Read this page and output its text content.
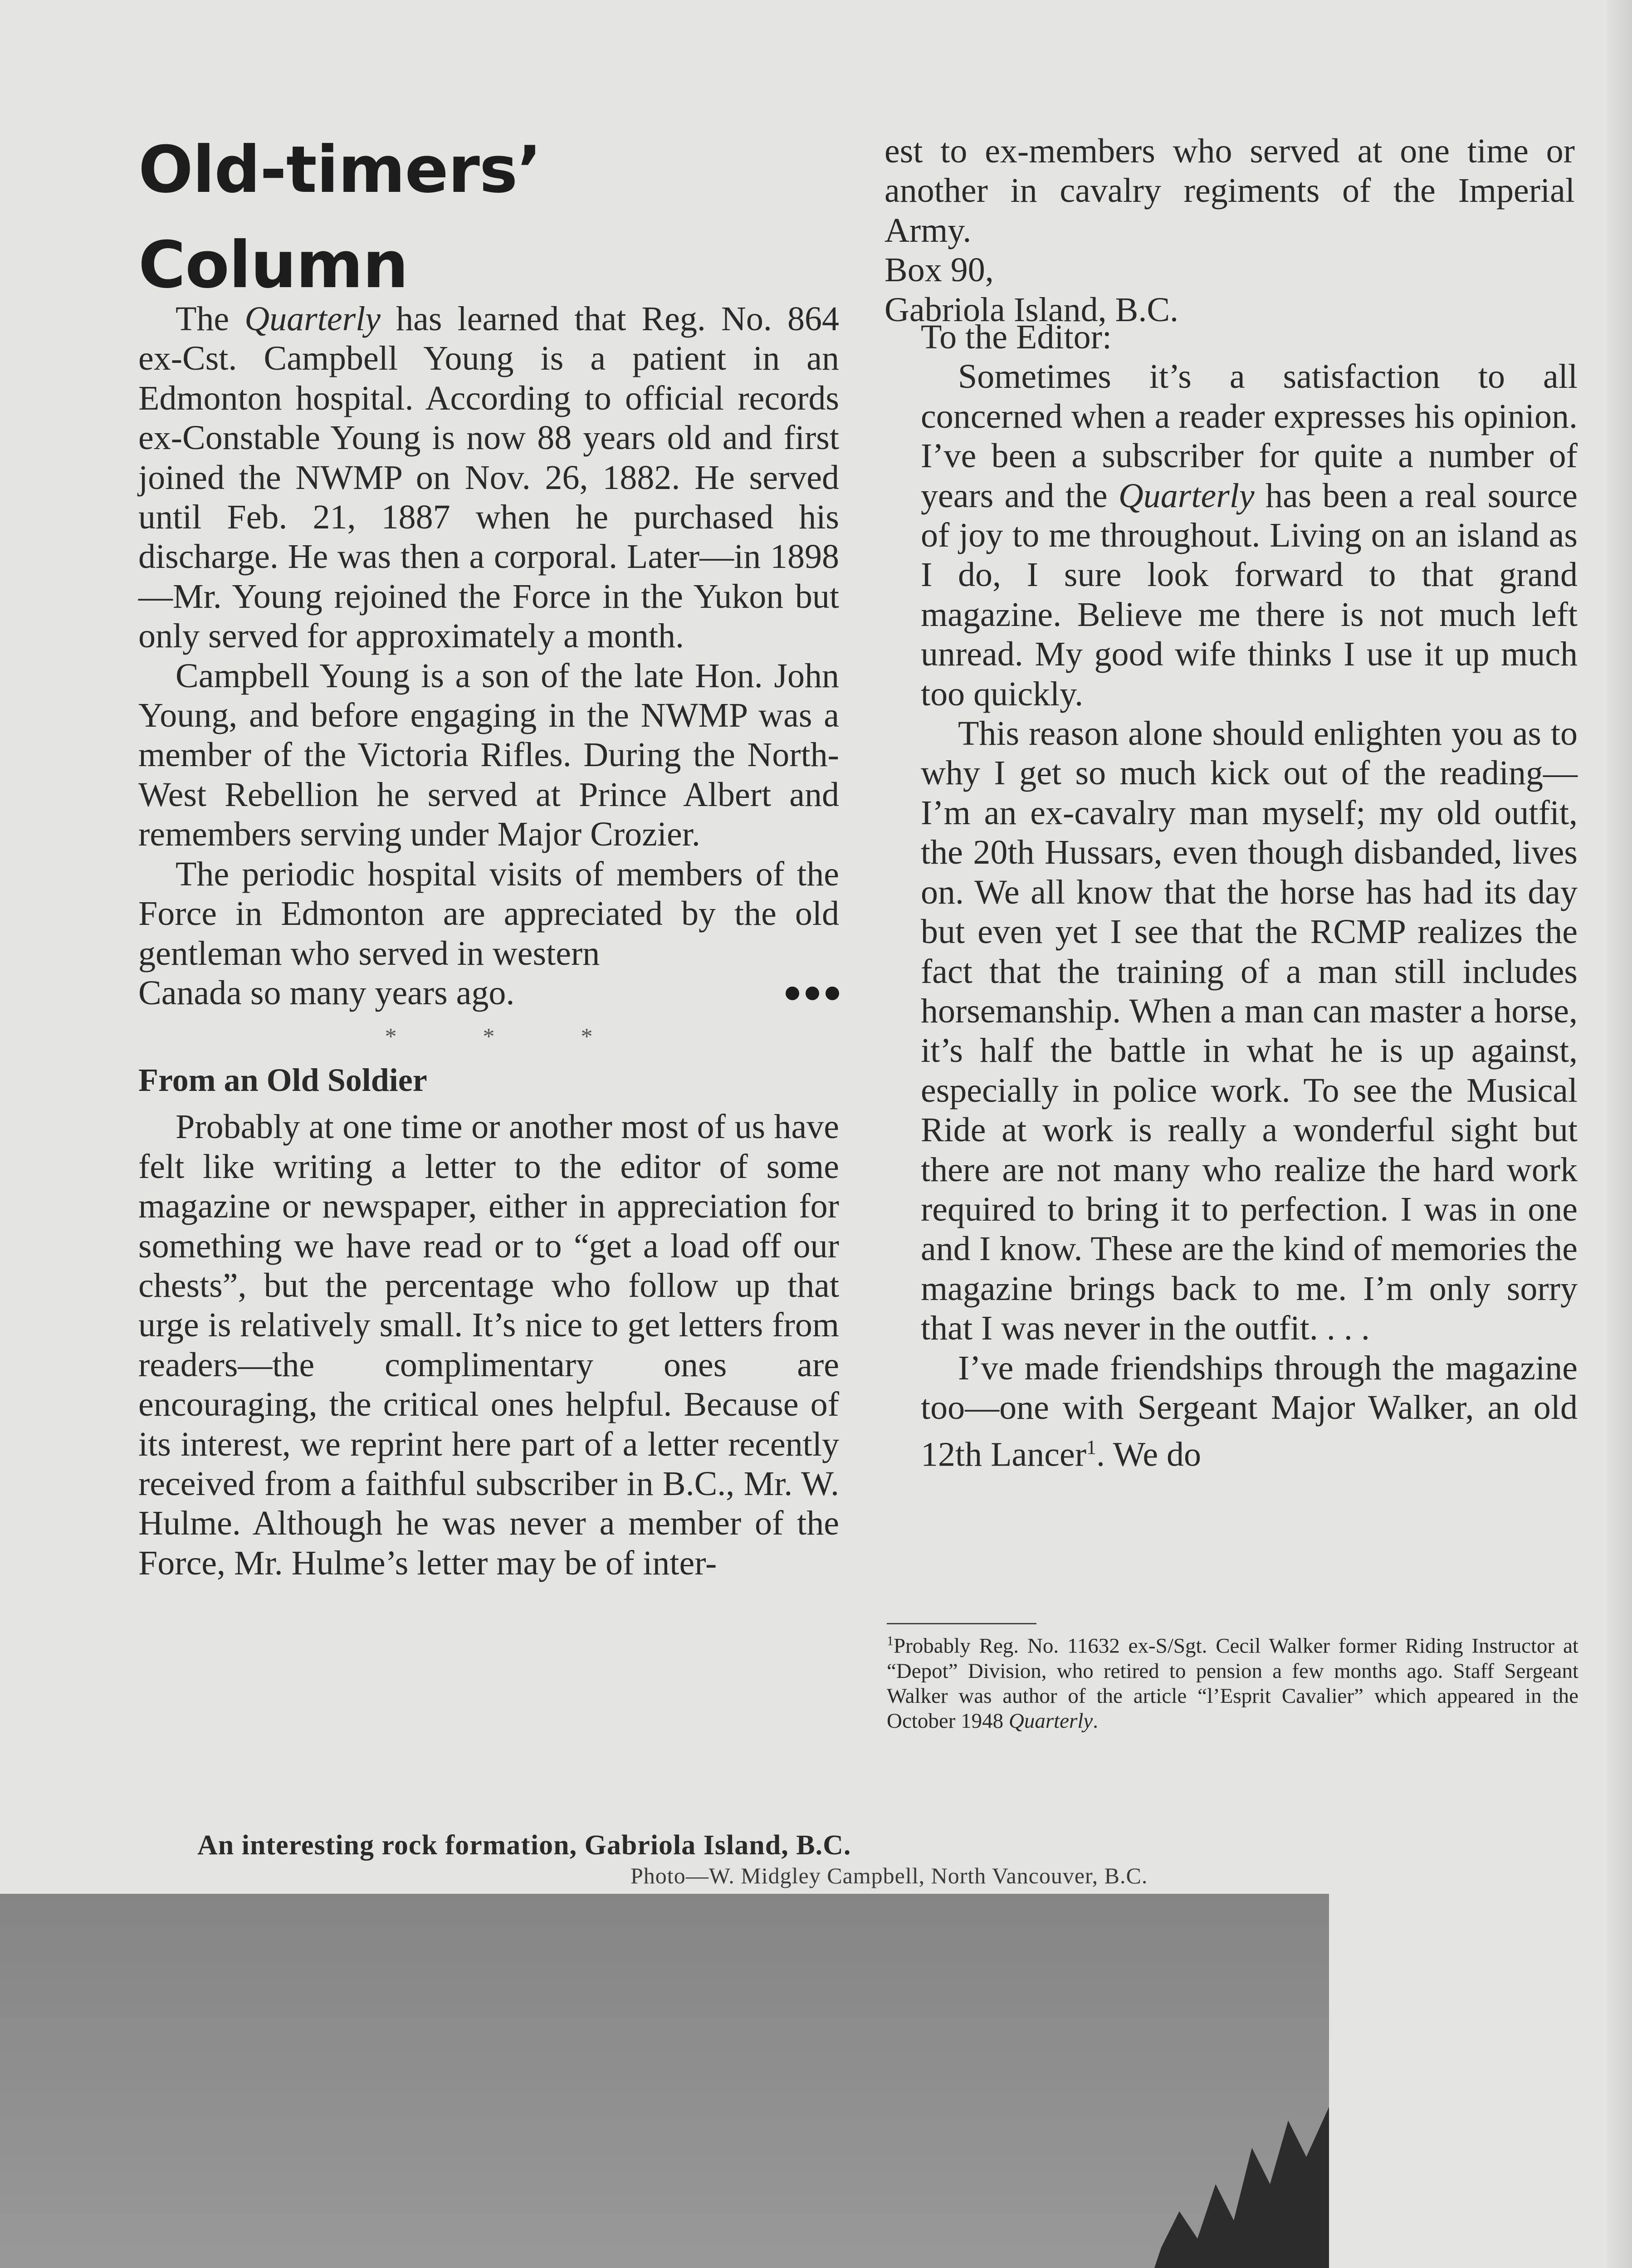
Old-timers’
Column

The Quarterly has learned that Reg. No. 864 ex-Cst. Campbell Young is a patient in an Edmonton hospital. According to official records ex-Constable Young is now 88 years old and first joined the NWMP on Nov. 26, 1882. He served until Feb. 21, 1887 when he purchased his discharge. He was then a corporal. Later—in 1898—Mr. Young rejoined the Force in the Yukon but only served for approximately a month.

Campbell Young is a son of the late Hon. John Young, and before engaging in the NWMP was a member of the Victoria Rifles. During the North-West Rebellion he served at Prince Albert and remembers serving under Major Crozier.

The periodic hospital visits of members of the Force in Edmonton are appreciated by the old gentleman who served in western

Canada so many years ago.
*	*	*

From an Old Soldier

Probably at one time or another most of us have felt like writing a letter to the editor of some magazine or newspaper, either in appreciation for something we have read or to “get a load off our chests”, but the percentage who follow up that urge is relatively small. It’s nice to get letters from readers—the complimentary ones are encouraging, the critical ones helpful. Because of its interest, we reprint here part of a letter recently received from a faithful subscriber in B.C., Mr. W. Hulme. Although he was never a member of the Force, Mr. Hulme’s letter may be of inter-

est to ex-members who served at one time or another in cavalry regiments of the Imperial Army.

Box 90,

Gabriola Island, B.C.

To the Editor:

Sometimes it’s a satisfaction to all concerned when a reader expresses his opinion. I’ve been a subscriber for quite a number of years and the Quarterly has been a real source of joy to me throughout. Living on an island as I do, I sure look forward to that grand magazine. Believe me there is not much left unread. My good wife thinks I use it up much too quickly.

This reason alone should enlighten you as to why I get so much kick out of the reading—I’m an ex-cavalry man myself; my old outfit, the 20th Hussars, even though disbanded, lives on. We all know that the horse has had its day but even yet I see that the RCMP realizes the fact that the training of a man still includes horsemanship. When a man can master a horse, it’s half the battle in what he is up against, especially in police work. To see the Musical Ride at work is really a wonderful sight but there are not many who realize the hard work required to bring it to perfection. I was in one and I know. These are the kind of memories the magazine brings back to me. I’m only sorry that I was never in the outfit. . . .

I’ve made friendships through the magazine too—one with Sergeant Major Walker, an old 12th Lancer$^1$. We do

$^1$Probably Reg. No. 11632 ex-S/Sgt. Cecil Walker former Riding Instructor at “Depot” Division, who retired to pension a few months ago. Staff Sergeant Walker was author of the article “l’Esprit Cavalier” which appeared in the October 1948 Quarterly.

An interesting rock formation, Gabriola Island, B.C.

Photo—W. Midgley Campbell, North Vancouver, B.C.
